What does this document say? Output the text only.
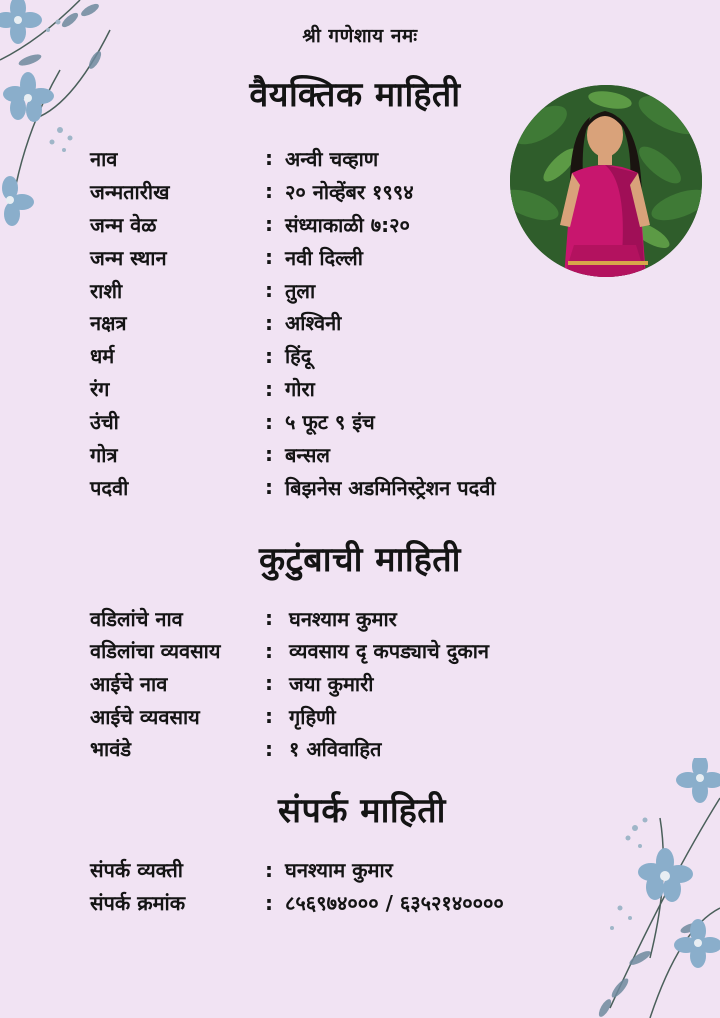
श्री गणेशाय नमः
वैयक्तिक माहिती
नाव	: अन्वी चव्हाण
जन्मतारीख	: २० नोव्हेंबर १९९४
जन्म वेळ	: संध्याकाळी ७:२०
जन्म स्थान	: नवी दिल्ली
राशी	: तुला
नक्षत्र	: अश्विनी
धर्म	: हिंदू
रंग	: गोरा
उंची	: ५ फूट ९ इंच
गोत्र	: बन्सल
पदवी	: बिझनेस अडमिनिस्ट्रेशन पदवी
कुटुंबाची माहिती
वडिलांचे नाव	: घनश्याम कुमार
वडिलांचा व्यवसाय	: व्यवसाय दृ कपड्याचे दुकान
आईचे नाव	: जया कुमारी
आईचे व्यवसाय	: गृहिणी
भावंडे	: १ अविवाहित
संपर्क माहिती
संपर्क व्यक्ती	: घनश्याम कुमार
संपर्क क्रमांक	: ८५६९७४००० / ६३५२१४००००
